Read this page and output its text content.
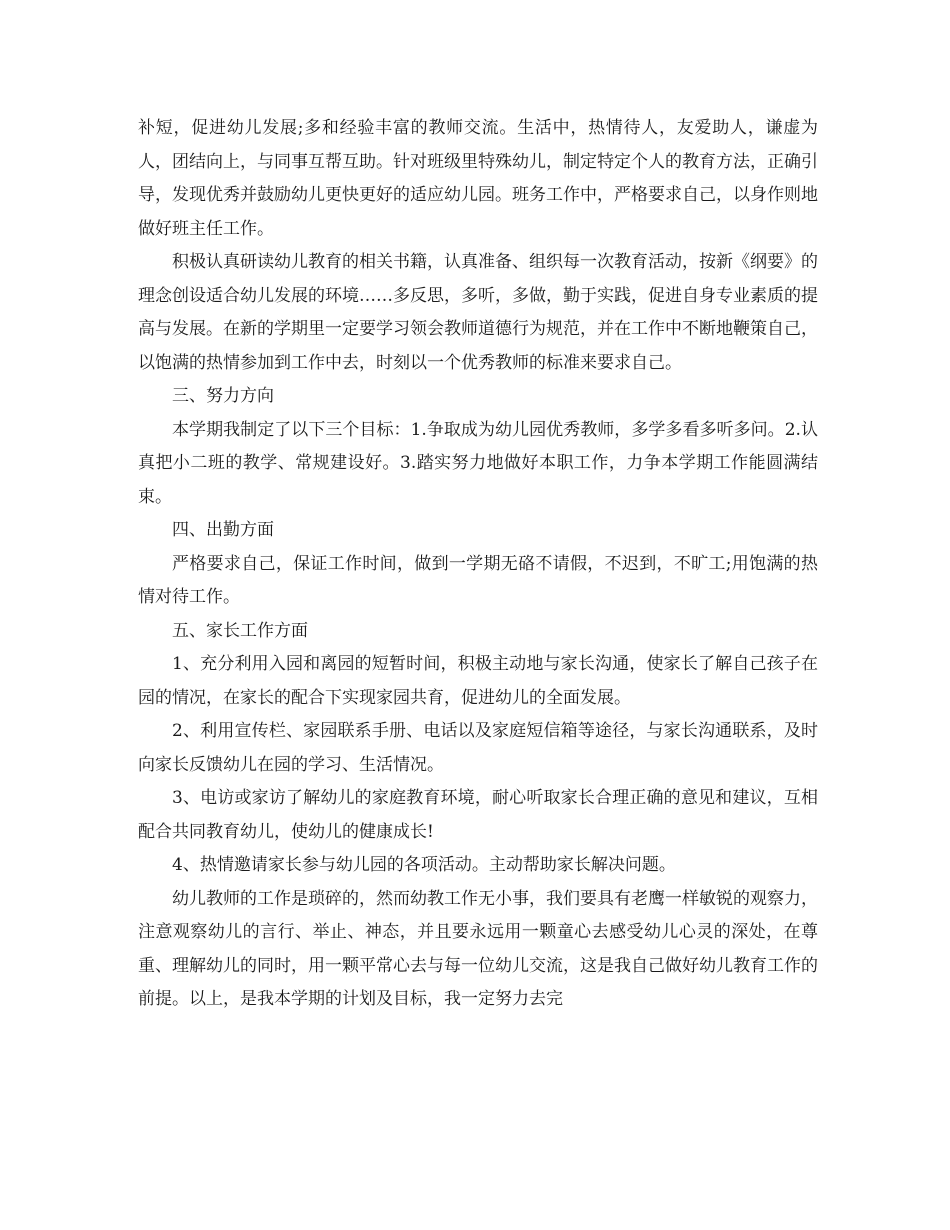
补短，促进幼儿发展;多和经验丰富的教师交流。生活中，热情待人，友爱助人，谦虚为人，团结向上，与同事互帮互助。针对班级里特殊幼儿，制定特定个人的教育方法，正确引导，发现优秀并鼓励幼儿更快更好的适应幼儿园。班务工作中，严格要求自己，以身作则地做好班主任工作。

积极认真研读幼儿教育的相关书籍，认真准备、组织每一次教育活动，按新《纲要》的理念创设适合幼儿发展的环境……多反思，多听，多做，勤于实践，促进自身专业素质的提高与发展。在新的学期里一定要学习领会教师道德行为规范，并在工作中不断地鞭策自己，以饱满的热情参加到工作中去，时刻以一个优秀教师的标准来要求自己。

三、努力方向

本学期我制定了以下三个目标：1.争取成为幼儿园优秀教师，多学多看多听多问。2.认真把小二班的教学、常规建设好。3.踏实努力地做好本职工作，力争本学期工作能圆满结束。

四、出勤方面

严格要求自己，保证工作时间，做到一学期无硌不请假，不迟到，不旷工;用饱满的热情对待工作。

五、家长工作方面

1、充分利用入园和离园的短暂时间，积极主动地与家长沟通，使家长了解自己孩子在园的情况，在家长的配合下实现家园共育，促进幼儿的全面发展。

2、利用宣传栏、家园联系手册、电话以及家庭短信箱等途径，与家长沟通联系，及时向家长反馈幼儿在园的学习、生活情况。

3、电访或家访了解幼儿的家庭教育环境，耐心听取家长合理正确的意见和建议，互相配合共同教育幼儿，使幼儿的健康成长!

4、热情邀请家长参与幼儿园的各项活动。主动帮助家长解决问题。

幼儿教师的工作是琐碎的，然而幼教工作无小事，我们要具有老鹰一样敏锐的观察力，注意观察幼儿的言行、举止、神态，并且要永远用一颗童心去感受幼儿心灵的深处，在尊重、理解幼儿的同时，用一颗平常心去与每一位幼儿交流，这是我自己做好幼儿教育工作的前提。以上，是我本学期的计划及目标，我一定努力去完
